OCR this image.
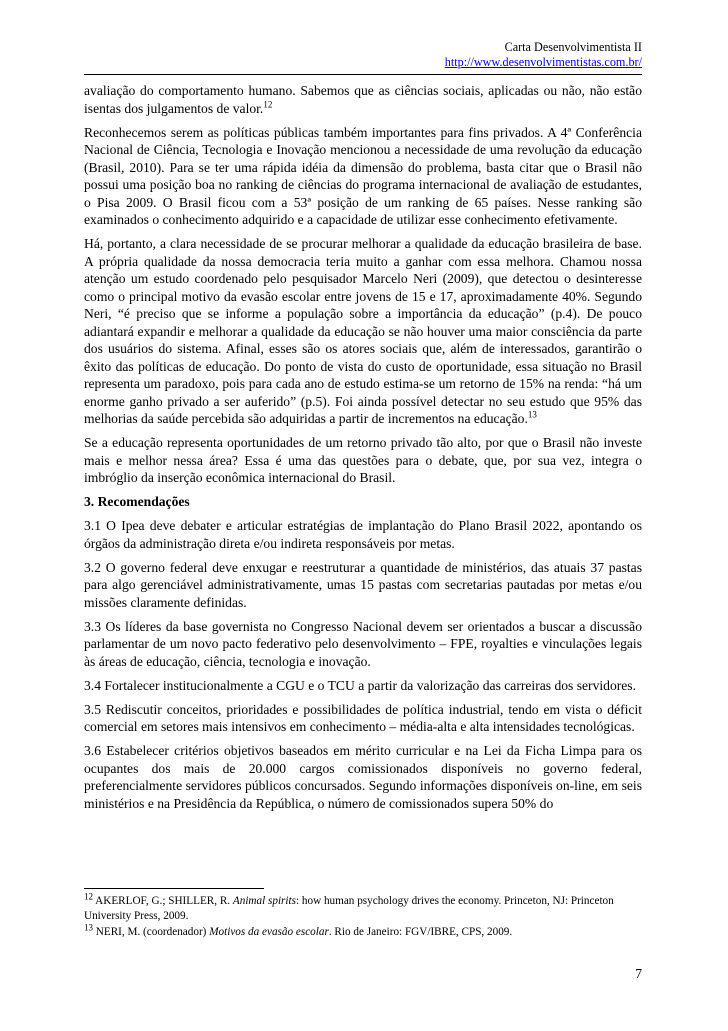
Carta Desenvolvimentista II
http://www.desenvolvimentistas.com.br/

avaliação do comportamento humano. Sabemos que as ciências sociais, aplicadas ou não, não estão isentas dos julgamentos de valor.$^{12}$

Reconhecemos serem as políticas públicas também importantes para fins privados. A 4ª Conferência Nacional de Ciência, Tecnologia e Inovação mencionou a necessidade de uma revolução da educação (Brasil, 2010). Para se ter uma rápida idéia da dimensão do problema, basta citar que o Brasil não possui uma posição boa no ranking de ciências do programa internacional de avaliação de estudantes, o Pisa 2009. O Brasil ficou com a 53ª posição de um ranking de 65 países. Nesse ranking são examinados o conhecimento adquirido e a capacidade de utilizar esse conhecimento efetivamente.

Há, portanto, a clara necessidade de se procurar melhorar a qualidade da educação brasileira de base. A própria qualidade da nossa democracia teria muito a ganhar com essa melhora. Chamou nossa atenção um estudo coordenado pelo pesquisador Marcelo Neri (2009), que detectou o desinteresse como o principal motivo da evasão escolar entre jovens de 15 e 17, aproximadamente 40%. Segundo Neri, “é preciso que se informe a população sobre a importância da educação” (p.4). De pouco adiantará expandir e melhorar a qualidade da educação se não houver uma maior consciência da parte dos usuários do sistema. Afinal, esses são os atores sociais que, além de interessados, garantirão o êxito das políticas de educação. Do ponto de vista do custo de oportunidade, essa situação no Brasil representa um paradoxo, pois para cada ano de estudo estima-se um retorno de 15% na renda: “há um enorme ganho privado a ser auferido” (p.5). Foi ainda possível detectar no seu estudo que 95% das melhorias da saúde percebida são adquiridas a partir de incrementos na educação.$^{13}$

Se a educação representa oportunidades de um retorno privado tão alto, por que o Brasil não investe mais e melhor nessa área? Essa é uma das questões para o debate, que, por sua vez, integra o imbróglio da inserção econômica internacional do Brasil.

3. Recomendações

3.1 O Ipea deve debater e articular estratégias de implantação do Plano Brasil 2022, apontando os órgãos da administração direta e/ou indireta responsáveis por metas.

3.2 O governo federal deve enxugar e reestruturar a quantidade de ministérios, das atuais 37 pastas para algo gerenciável administrativamente, umas 15 pastas com secretarias pautadas por metas e/ou missões claramente definidas.

3.3 Os líderes da base governista no Congresso Nacional devem ser orientados a buscar a discussão parlamentar de um novo pacto federativo pelo desenvolvimento – FPE, royalties e vinculações legais às áreas de educação, ciência, tecnologia e inovação.

3.4 Fortalecer institucionalmente a CGU e o TCU a partir da valorização das carreiras dos servidores.

3.5 Rediscutir conceitos, prioridades e possibilidades de política industrial, tendo em vista o déficit comercial em setores mais intensivos em conhecimento – média-alta e alta intensidades tecnológicas.

3.6 Estabelecer critérios objetivos baseados em mérito curricular e na Lei da Ficha Limpa para os ocupantes dos mais de 20.000 cargos comissionados disponíveis no governo federal, preferencialmente servidores públicos concursados. Segundo informações disponíveis on-line, em seis ministérios e na Presidência da República, o número de comissionados supera 50% do

$^{12}$ AKERLOF, G.; SHILLER, R. Animal spirits: how human psychology drives the economy. Princeton, NJ: Princeton University Press, 2009.

$^{13}$ NERI, M. (coordenador) Motivos da evasão escolar. Rio de Janeiro: FGV/IBRE, CPS, 2009.

7
